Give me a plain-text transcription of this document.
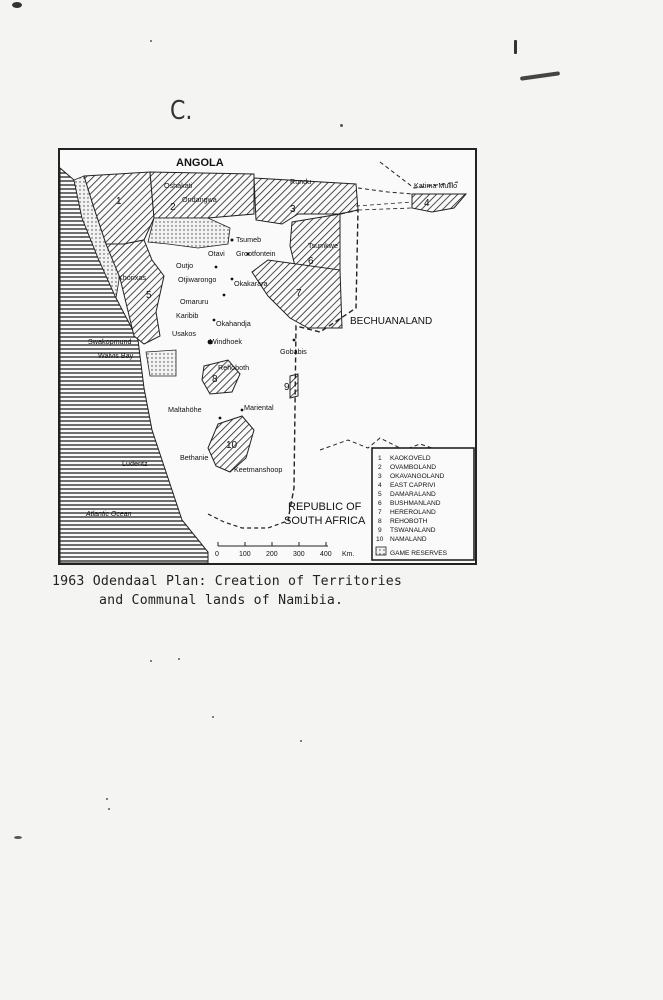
C.
ANGOLA
BECHUANALAND
REPUBLIC OF
SOUTH AFRICA
Atlantic Ocean
1
2	3
4
5
6
7
8
9
10
Oshakati
Ondangwa
Rundu	Katima Mulilo
Tsumeb
Otavi Grootfontein
Tsumkwe
Outjo
Khorixas	Otjiwarongo Okakarara
Omaruru
Karibib
Usakos
Okahandja
Windhoek
Swakopmund
Walvis Bay	Gobabis
Rehoboth
Mariental
Maltahöhe
Bethanie
Keetmanshoop
Luderitz
1 KAOKOVELD
2 OVAMBOLAND
3 OKAVANGOLAND
4 EAST CAPRIVI
5 DAMARALAND
6 BUSHMANLAND
7 HEREROLAND
8 REHOBOTH
9 TSWANALAND
10 NAMALAND
GAME RESERVES
0	100 200 300 400 Km.
1963 Odendaal Plan: Creation of Territories
and Communal lands of Namibia.
